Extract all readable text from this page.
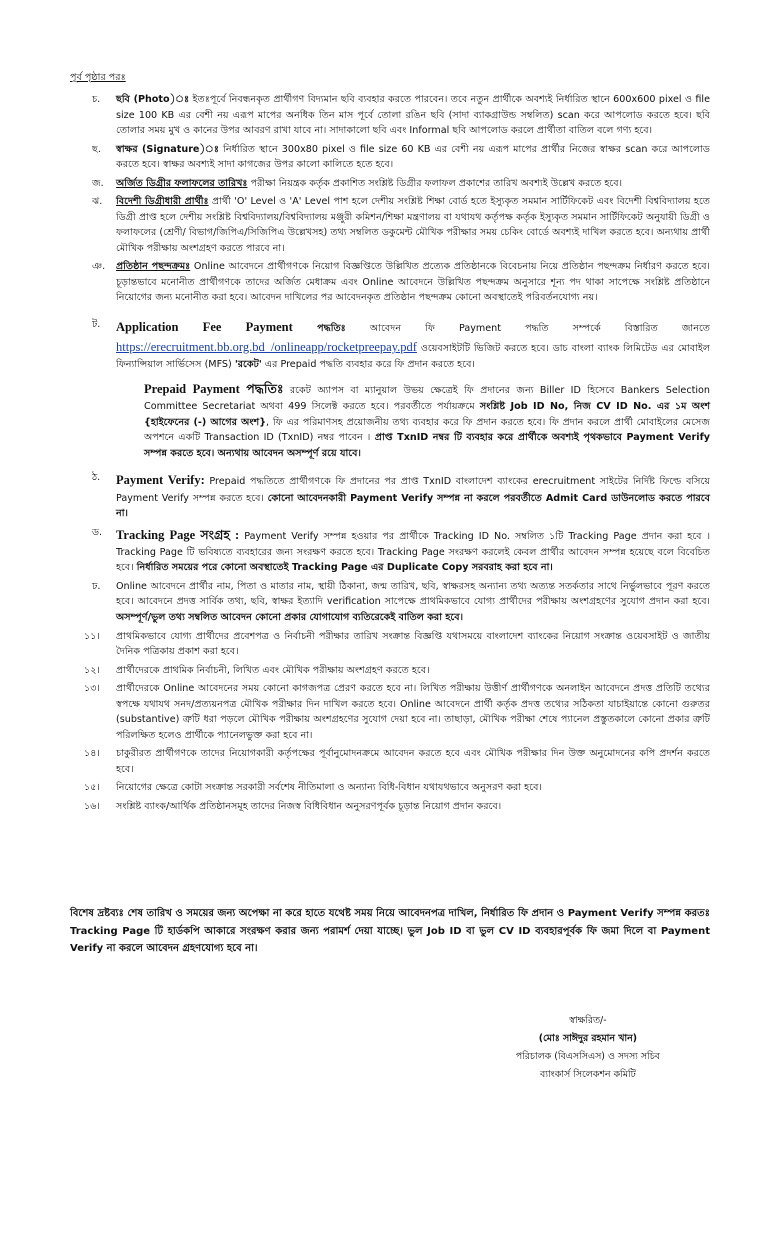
পূর্ব পৃষ্ঠার পরঃ
চ.	ছবি (Photo)ঃ ইতঃপূর্বে নিবন্ধনকৃত প্রার্থীগণ বিদ্যমান ছবি ব্যবহার করতে পারবেন। তবে নতুন প্রার্থীকে অবশ্যই নির্ধারিত স্থানে 600x600 pixel ও file size 100 KB এর বেশী নয় এরূপ মাপের অনধিক তিন মাস পূর্বে তোলা রঙিন ছবি (সাদা ব্যাকগ্রাউন্ড সম্বলিত) scan করে আপলোড করতে হবে। ছবি তোলার সময় মুখ ও কানের উপর আবরণ রাখা যাবে না। সাদাকালো ছবি এবং Informal ছবি আপলোড করলে প্রার্থীতা বাতিল বলে গণ্য হবে।
ছ.	স্বাক্ষর (Signature)ঃ নির্ধারিত স্থানে 300x80 pixel ও file size 60 KB এর বেশী নয় এরূপ মাপের প্রার্থীর নিজের স্বাক্ষর scan করে আপলোড করতে হবে। স্বাক্ষর অবশ্যই সাদা কাগজের উপর কালো কালিতে হতে হবে।
জ.	অর্জিত ডিগ্রীর ফলাফলের তারিখঃ পরীক্ষা নিয়ন্ত্রক কর্তৃক প্রকাশিত সংশ্লিষ্ট ডিগ্রীর ফলাফল প্রকাশের তারিখ অবশ্যই উল্লেখ করতে হবে।
ঝ.	বিদেশী ডিগ্রীধারী প্রার্থীঃ প্রার্থী 'O' Level ও 'A' Level পাশ হলে দেশীয় সংশ্লিষ্ট শিক্ষা বোর্ড হতে ইস্যুকৃত সমমান সার্টিফিকেট এবং বিদেশী বিশ্ববিদ্যালয় হতে ডিগ্রী প্রাপ্ত হলে দেশীয় সংশ্লিষ্ট বিশ্ববিদ্যালয়/বিশ্ববিদ্যালয় মঞ্জুরী কমিশন/শিক্ষা মন্ত্রণালয় বা যথাযথ কর্তৃপক্ষ কর্তৃক ইস্যুকৃত সমমান সার্টিফিকেট অনুযায়ী ডিগ্রী ও ফলাফলের (শ্রেণী/ বিভাগ/জিপিএ/সিজিপিএ উল্লেখসহ) তথ্য সম্বলিত ডকুমেন্ট মৌখিক পরীক্ষার সময় চেকিং বোর্ডে অবশ্যই দাখিল করতে হবে। অন্যথায় প্রার্থী মৌখিক পরীক্ষায় অংশগ্রহণ করতে পারবে না।
ঞ.	প্রতিষ্ঠান পছন্দক্রমঃ Online আবেদনে প্রার্থীগণকে নিয়োগ বিজ্ঞপ্তিতে উল্লিখিত প্রত্যেক প্রতিষ্ঠানকে বিবেচনায় নিয়ে প্রতিষ্ঠান পছন্দক্রম নির্ধারণ করতে হবে। চূড়ান্তভাবে মনোনীত প্রার্থীগণকে তাদের অর্জিত মেধাক্রম এবং Online আবেদনে উল্লিখিত পছন্দক্রম অনুসারে শূন্য পদ থাকা সাপেক্ষে সংশ্লিষ্ট প্রতিষ্ঠানে নিয়োগের জন্য মনোনীত করা হবে। আবেদন দাখিলের পর আবেদনকৃত প্রতিষ্ঠান পছন্দক্রম কোনো অবস্থাতেই পরিবর্তনযোগ্য নয়।
ট.	Application Fee Payment পদ্ধতিঃ আবেদন ফি Payment পদ্ধতি সম্পর্কে বিস্তারিত জানতে https://erecruitment.bb.org.bd_/onlineapp/rocketpreepay.pdf ওয়েবসাইটটি ভিজিট করতে হবে। ডাচ বাংলা ব্যাংক লিমিটেড এর মোবাইল ফিন্যান্সিয়াল সার্ভিসেস (MFS) 'রকেট' এর Prepaid পদ্ধতি ব্যবহার করে ফি প্রদান করতে হবে।
Prepaid Payment পদ্ধতিঃ রকেট অ্যাপস বা ম্যানুয়াল উভয় ক্ষেত্রেই ফি প্রদানের জন্য Biller ID হিসেবে Bankers Selection Committee Secretariat অথবা 499 সিলেক্ট করতে হবে। পরবর্তীতে পর্যায়ক্রমে সংশ্লিষ্ট Job ID No, নিজ CV ID No. এর ১ম অংশ {হাইফেনের (-) আগের অংশ}, ফি এর পরিমাণসহ প্রয়োজনীয় তথ্য ব্যবহার করে ফি প্রদান করতে হবে। ফি প্রদান করলে প্রার্থী মোবাইলের মেসেজ অপশনে একটি Transaction ID (TxnID) নম্বর পাবেন । প্রাপ্ত TxnID নম্বর টি ব্যবহার করে প্রার্থীকে অবশ্যই পৃথকভাবে Payment Verify সম্পন্ন করতে হবে। অন্যথায় আবেদন অসম্পূর্ণ রয়ে যাবে।
ঠ.	Payment Verify: Prepaid পদ্ধতিতে প্রার্থীগণকে ফি প্রদানের পর প্রাপ্ত TxnID বাংলাদেশ ব্যাংকের erecruitment সাইটের নির্দিষ্ট ফিল্ডে বসিয়ে Payment Verify সম্পন্ন করতে হবে। কোনো আবেদনকারী Payment Verify সম্পন্ন না করলে পরবর্তীতে Admit Card ডাউনলোড করতে পারবে না।
ড.	Tracking Page সংগ্রহ : Payment Verify সম্পন্ন হওয়ার পর প্রার্থীকে Tracking ID No. সম্বলিত ১টি Tracking Page প্রদান করা হবে । Tracking Page টি ভবিষ্যতে ব্যবহারের জন্য সংরক্ষণ করতে হবে। Tracking Page সংরক্ষণ করলেই কেবল প্রার্থীর আবেদন সম্পন্ন হয়েছে বলে বিবেচিত হবে। নির্ধারিত সময়ের পরে কোনো অবস্থাতেই Tracking Page এর Duplicate Copy সরবরাহ করা হবে না।
ঢ.	Online আবেদনে প্রার্থীর নাম, পিতা ও মাতার নাম, স্থায়ী ঠিকানা, জন্ম তারিখ, ছবি, স্বাক্ষরসহ অন্যান্য তথ্য অত্যন্ত সতর্কতার সাথে নির্ভুলভাবে পূরণ করতে হবে। আবেদনে প্রদত্ত সার্বিক তথ্য, ছবি, স্বাক্ষর ইত্যাদি verification সাপেক্ষে প্রাথমিকভাবে যোগ্য প্রার্থীদের পরীক্ষায় অংশগ্রহণের সুযোগ প্রদান করা হবে। অসম্পূর্ণ/ভুল তথ্য সম্বলিত আবেদন কোনো প্রকার যোগাযোগ ব্যতিরেকেই বাতিল করা হবে।
১১।	প্রাথমিকভাবে যোগ্য প্রার্থীদের প্রবেশপত্র ও নির্বাচনী পরীক্ষার তারিখ সংক্রান্ত বিজ্ঞপ্তি যথাসময়ে বাংলাদেশ ব্যাংকের নিয়োগ সংক্রান্ত ওয়েবসাইট ও জাতীয় দৈনিক পত্রিকায় প্রকাশ করা হবে।
১২।	প্রার্থীদেরকে প্রাথমিক নির্বাচনী, লিখিত এবং মৌখিক পরীক্ষায় অংশগ্রহণ করতে হবে।
১৩।	প্রার্থীদেরকে Online আবেদনের সময় কোনো কাগজপত্র প্রেরণ করতে হবে না। লিখিত পরীক্ষায় উত্তীর্ণ প্রার্থীগণকে অনলাইন আবেদনে প্রদত্ত প্রতিটি তথ্যের স্বপক্ষে যথাযথ সনদ/প্রত্যয়নপত্র মৌখিক পরীক্ষার দিন দাখিল করতে হবে। Online আবেদনে প্রার্থী কর্তৃক প্রদত্ত তথ্যের সঠিকতা যাচাইয়ান্তে কোনো গুরুতর (substantive) ত্রুটি ধরা পড়লে মৌখিক পরীক্ষায় অংশগ্রহণের সুযোগ দেয়া হবে না। তাছাড়া, মৌখিক পরীক্ষা শেষে প্যানেল প্রস্তুতকালে কোনো প্রকার ত্রুটি পরিলক্ষিত হলেও প্রার্থীকে প্যানেলভুক্ত করা হবে না।
১৪।	চাকুরীরত প্রার্থীগণকে তাদের নিয়োগকারী কর্তৃপক্ষের পূর্বানুমোদনক্রমে আবেদন করতে হবে এবং মৌখিক পরীক্ষার দিন উক্ত অনুমোদনের কপি প্রদর্শন করতে হবে।
১৫।	নিয়োগের ক্ষেত্রে কোটা সংক্রান্ত সরকারী সর্বশেষ নীতিমালা ও অন্যান্য বিধি-বিধান যথাযথভাবে অনুসরণ করা হবে।
১৬।	সংশ্লিষ্ট ব্যাংক/আর্থিক প্রতিষ্ঠানসমূহ তাদের নিজস্ব বিধিবিধান অনুসরণপূর্বক চূড়ান্ত নিয়োগ প্রদান করবে।
বিশেষ দ্রষ্টব্যঃ শেষ তারিখ ও সময়ের জন্য অপেক্ষা না করে হাতে যথেষ্ট সময় নিয়ে আবেদনপত্র দাখিল, নির্ধারিত ফি প্রদান ও Payment Verify সম্পন্ন করতঃ Tracking Page টি হার্ডকপি আকারে সংরক্ষণ করার জন্য পরামর্শ দেয়া যাচ্ছে। ভুল Job ID বা ভুল CV ID ব্যবহারপূর্বক ফি জমা দিলে বা Payment Verify না করলে আবেদন গ্রহণযোগ্য হবে না।
স্বাক্ষরিত/-
(মোঃ সাঈদুর রহমান খান)
পরিচালক (বিএসসিএস) ও সদস্য সচিব
ব্যাংকার্স সিলেকশন কমিটি
